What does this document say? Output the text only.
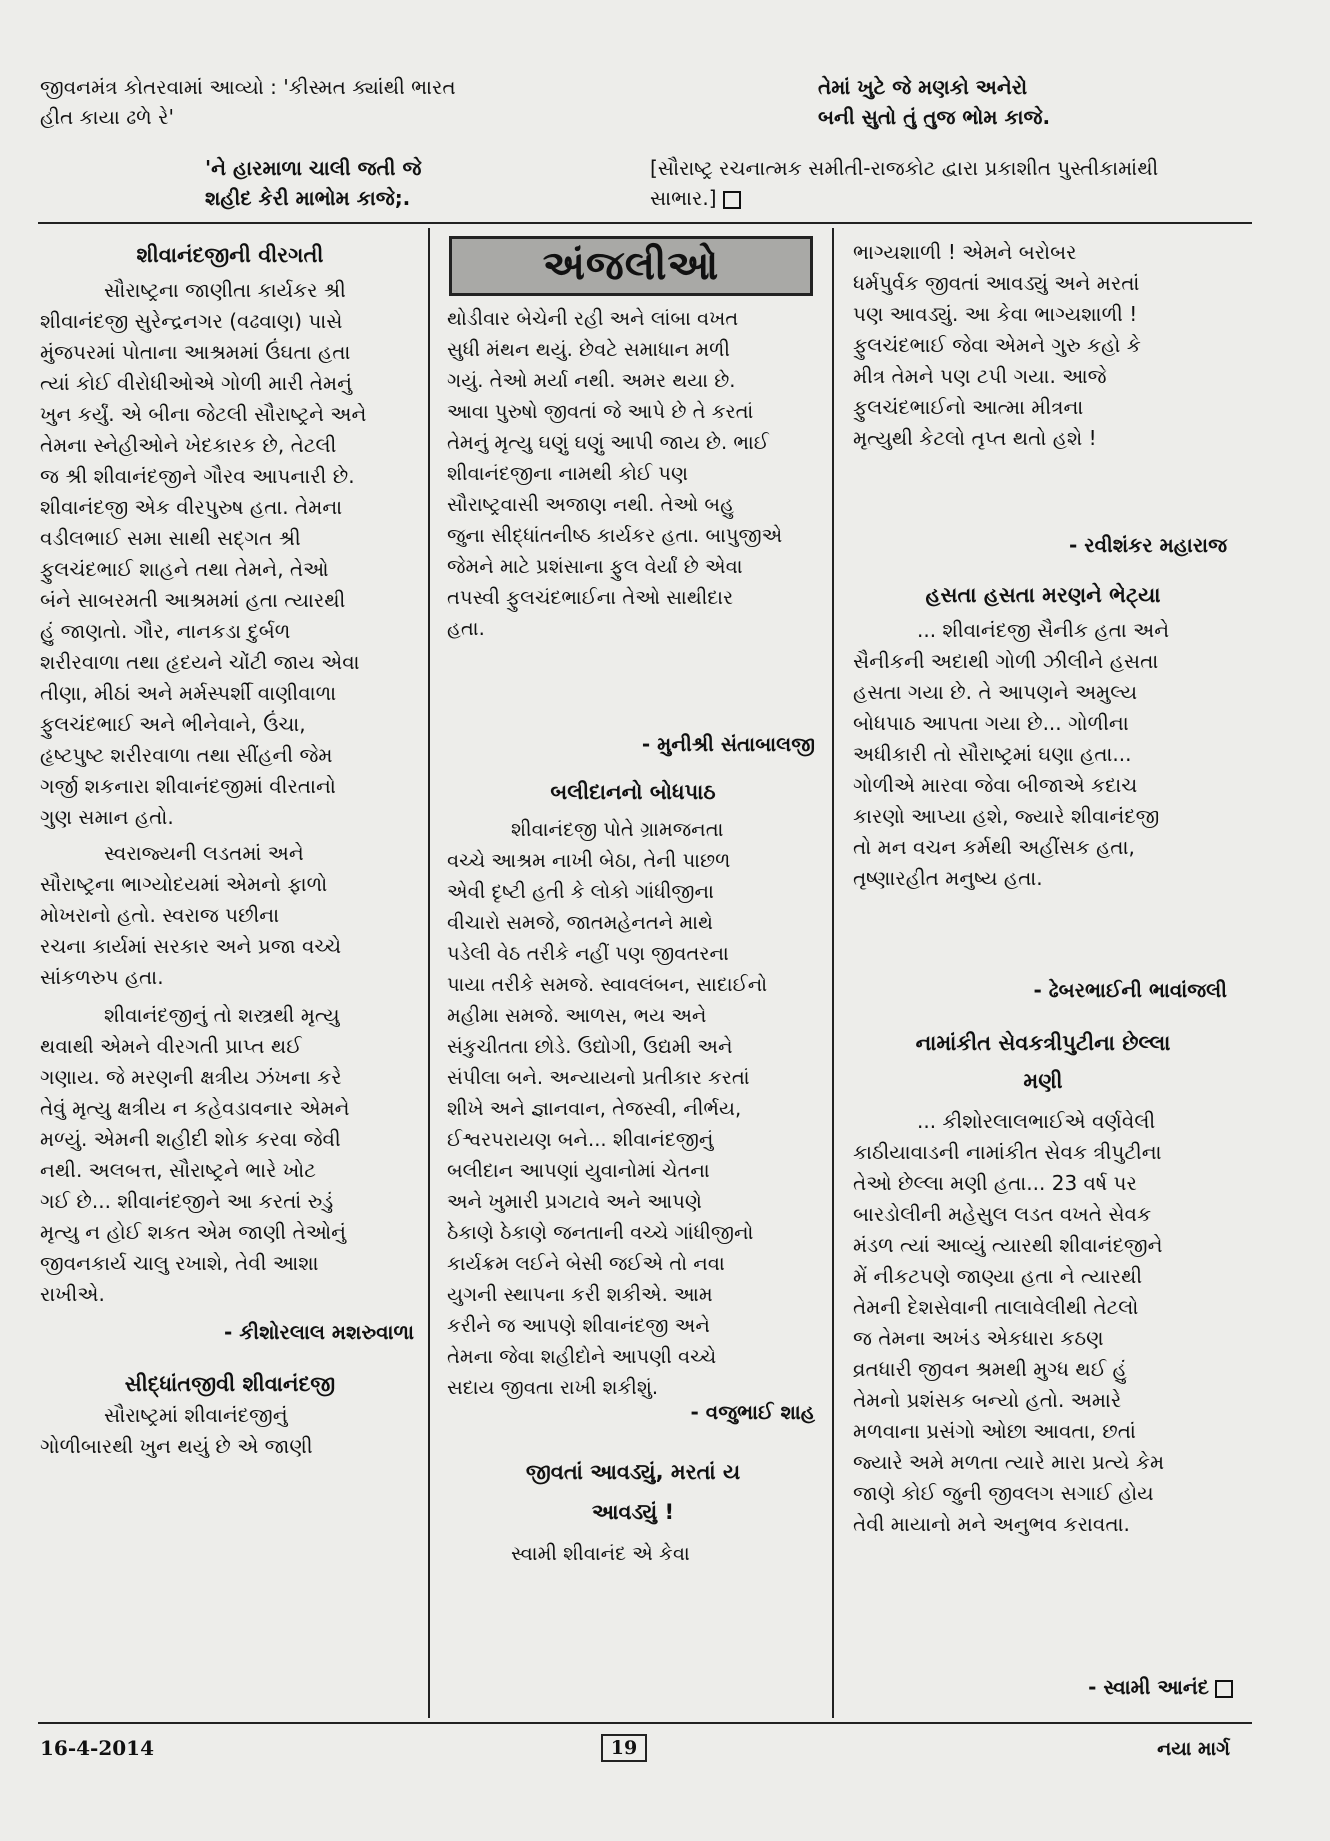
જીવનમંત્ર કોતરવામાં આવ્યો : 'કીસ્મત ક્યાંથી ભારત
હીત કાયા ઢળે રે'
તેમાં ખુટે જે મણકો અનેરો
બની સુતો તું તુજ ભોમ કાજે.
'ને હારમાળા ચાલી જતી જે
શહીદ કેરી માભોમ કાજે;.
[સૌરાષ્ટ્ર રચનાત્મક સમીતી-રાજકોટ દ્વારા પ્રકાશીત પુસ્તીકામાંથી
સાભાર.]
શીવાનંદજીની વીરગતી
સૌરાષ્ટ્રના જાણીતા કાર્યકર શ્રી
શીવાનંદજી સુરેન્દ્રનગર (વઢવાણ) પાસે
મુંજપરમાં પોતાના આશ્રમમાં ઉંઘતા હતા
ત્યાં કોઈ વીરોધીઓએ ગોળી મારી તેમનું
ખુન કર્યું. એ બીના જેટલી સૌરાષ્ટ્રને અને
તેમના સ્નેહીઓને ખેદકારક છે, તેટલી
જ શ્રી શીવાનંદજીને ગૌરવ આપનારી છે.
શીવાનંદજી એક વીરપુરુષ હતા. તેમના
વડીલભાઈ સમા સાથી સદ્ગત શ્રી
ફુલચંદભાઈ શાહને તથા તેમને, તેઓ
બંને સાબરમતી આશ્રમમાં હતા ત્યારથી
હું જાણતો. ગૌર, નાનકડા દુર્બળ
શરીરવાળા તથા હૃદયને ચોંટી જાય એવા
તીણા, મીઠાં અને મર્મસ્પર્શી વાણીવાળા
ફુલચંદભાઈ અને ભીનેવાને, ઉંચા,
હૃષ્ટપુષ્ટ શરીરવાળા તથા સીંહની જેમ
ગર્જી શકનારા શીવાનંદજીમાં વીરતાનો
ગુણ સમાન હતો.
સ્વરાજ્યની લડતમાં અને
સૌરાષ્ટ્રના ભાગ્યોદયમાં એમનો ફાળો
મોખરાનો હતો. સ્વરાજ પછીના
રચના કાર્યમાં સરકાર અને પ્રજા વચ્ચે
સાંકળરુપ હતા.
શીવાનંદજીનું તો શસ્ત્રથી મૃત્યુ
થવાથી એમને વીરગતી પ્રાપ્ત થઈ
ગણાય. જે મરણની ક્ષત્રીય ઝંખના કરે
તેવું મૃત્યુ ક્ષત્રીય ન કહેવડાવનાર એમને
મળ્યું. એમની શહીદી શોક કરવા જેવી
નથી. અલબત્ત, સૌરાષ્ટ્રને ભારે ખોટ
ગઈ છે... શીવાનંદજીને આ કરતાં રુડું
મૃત્યુ ન હોઈ શકત એમ જાણી તેઓનું
જીવનકાર્ય ચાલુ રખાશે, તેવી આશા
રાખીએ.
- કીશોરલાલ મશરુવાળા
સીદ્ધાંતજીવી શીવાનંદજી
સૌરાષ્ટ્રમાં શીવાનંદજીનું
ગોળીબારથી ખુન થયું છે એ જાણી
અંજલીઓ
થોડીવાર બેચેની રહી અને લાંબા વખત
સુધી મંથન થયું. છેવટે સમાધાન મળી
ગયું. તેઓ મર્યા નથી. અમર થયા છે.
આવા પુરુષો જીવતાં જે આપે છે તે કરતાં
તેમનું મૃત્યુ ઘણું ઘણું આપી જાય છે. ભાઈ
શીવાનંદજીના નામથી કોઈ પણ
સૌરાષ્ટ્રવાસી અજાણ નથી. તેઓ બહુ
જુના સીદ્ધાંતનીષ્ઠ કાર્યકર હતા. બાપુજીએ
જેમને માટે પ્રશંસાના ફુલ વેર્યાં છે એવા
તપસ્વી ફુલચંદભાઈના તેઓ સાથીદાર
હતા.
- મુનીશ્રી સંતાબાલજી
બલીદાનનો બોધપાઠ
શીવાનંદજી પોતે ગ્રામજનતા
વચ્ચે આશ્રમ નાખી બેઠા, તેની પાછળ
એવી દૃષ્ટી હતી કે લોકો ગાંધીજીના
વીચારો સમજે, જાતમહેનતને માથે
પડેલી વેઠ તરીકે નહીં પણ જીવતરના
પાયા તરીકે સમજે. સ્વાવલંબન, સાદાઈનો
મહીમા સમજે. આળસ, ભય અને
સંકુચીતતા છોડે. ઉદ્યોગી, ઉદ્યમી અને
સંપીલા બને. અન્યાયનો પ્રતીકાર કરતાં
શીખે અને જ્ઞાનવાન, તેજસ્વી, નીર્ભય,
ઈશ્વરપરાયણ બને... શીવાનંદજીનું
બલીદાન આપણાં યુવાનોમાં ચેતના
અને ખુમારી પ્રગટાવે અને આપણે
ઠેકાણે ઠેકાણે જનતાની વચ્ચે ગાંધીજીનો
કાર્યક્રમ લઈને બેસી જઈએ તો નવા
યુગની સ્થાપના કરી શકીએ. આમ
કરીને જ આપણે શીવાનંદજી અને
તેમના જેવા શહીદોને આપણી વચ્ચે
સદાય જીવતા રાખી શકીશું.
- વજુભાઈ શાહ
જીવતાં આવડ્યું, મરતાં ય
આવડ્યું !
સ્વામી શીવાનંદ એ કેવા
ભાગ્યશાળી ! એમને બરોબર
ધર્મપુર્વક જીવતાં આવડ્યું અને મરતાં
પણ આવડ્યું. આ કેવા ભાગ્યશાળી !
ફુલચંદભાઈ જેવા એમને ગુરુ કહો કે
મીત્ર તેમને પણ ટપી ગયા. આજે
ફુલચંદભાઈનો આત્મા મીત્રના
મૃત્યુથી કેટલો તૃપ્ત થતો હશે !
- રવીશંકર મહારાજ
હસતા હસતા મરણને ભેટ્યા
... શીવાનંદજી સૈનીક હતા અને
સૈનીકની અદાથી ગોળી ઝીલીને હસતા
હસતા ગયા છે. તે આપણને અમુલ્ય
બોધપાઠ આપતા ગયા છે... ગોળીના
અધીકારી તો સૌરાષ્ટ્રમાં ઘણા હતા...
ગોળીએ મારવા જેવા બીજાએ કદાચ
કારણો આપ્યા હશે, જ્યારે શીવાનંદજી
તો મન વચન કર્મથી અહીંસક હતા,
તૃષ્ણારહીત મનુષ્ય હતા.
- ઢેબરભાઈની ભાવાંજલી
નામાંકીત સેવકત્રીપુટીના છેલ્લા
મણી
... કીશોરલાલભાઈએ વર્ણવેલી
કાઠીયાવાડની નામાંકીત સેવક ત્રીપુટીના
તેઓ છેલ્લા મણી હતા... 23 વર્ષ પર
બારડોલીની મહેસુલ લડત વખતે સેવક
મંડળ ત્યાં આવ્યું ત્યારથી શીવાનંદજીને
મેં નીકટપણે જાણ્યા હતા ને ત્યારથી
તેમની દેશસેવાની તાલાવેલીથી તેટલો
જ તેમના અખંડ એકધારા કઠણ
વ્રતધારી જીવન શ્રમથી મુગ્ધ થઈ હું
તેમનો પ્રશંસક બન્યો હતો. અમારે
મળવાના પ્રસંગો ઓછા આવતા, છતાં
જ્યારે અમે મળતા ત્યારે મારા પ્રત્યે કેમ
જાણે કોઈ જુની જીવલગ સગાઈ હોય
તેવી માયાનો મને અનુભવ કરાવતા.
- સ્વામી આનંદ
16-4-2014	19	નયા માર્ગ
